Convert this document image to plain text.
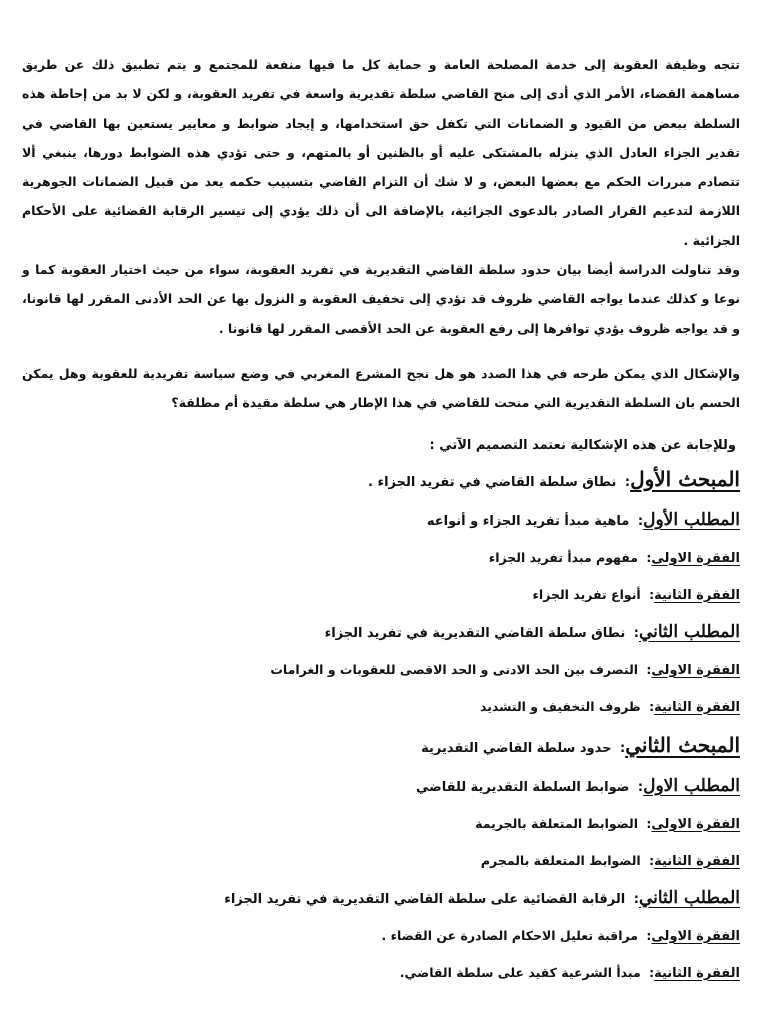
تتجه وظيفة العقوبة إلى خدمة المصلحة العامة و حماية كل ما فيها منفعة للمجتمع و يتم تطبيق ذلك عن طريق مساهمة القضاء، الأمر الذي أدى إلى منح القاضي سلطة تقديرية واسعة في تفريد العقوبة، و لكن لا بد من إحاطة هذه السلطة ببعض من القيود و الضمانات التي تكفل حق استخدامها، و إيجاد ضوابط و معايير يستعين بها القاضي في تقدير الجزاء العادل الذي ينزله بالمشتكى عليه أو بالظنين أو بالمتهم، و حتى تؤدي هذه الضوابط دورها، ينبغي ألا تتصادم مبررات الحكم مع بعضها البعض، و لا شك أن التزام القاضي بتسبيب حكمه يعد من قبيل الضمانات الجوهرية اللازمة لتدعيم القرار الصادر بالدعوى الجزائية، بالإضافة الى أن ذلك يؤدي إلى تيسير الرقابة القضائية على الأحكام الجزائية .

وقد تناولت الدراسة أيضا بيان حدود سلطة القاضي التقديرية في تفريد العقوبة، سواء من حيث اختيار العقوبة كما و نوعا و كذلك عندما يواجه القاضي ظروف قد تؤدي إلى تخفيف العقوبة و النزول بها عن الحد الأدنى المقرر لها قانونا، و قد يواجه ظروف يؤدي توافرها إلى رفع العقوبة عن الحد الأقصى المقرر لها قانونا .

والإشكال الذي يمكن طرحه في هذا الصدد هو هل نجح المشرع المغربي في وضع سياسة تفريدية للعقوبة وهل يمكن الحسم بان السلطة التقديرية التي منحت للقاضي في هذا الإطار هي سلطة مقيدة أم مطلقة؟

وللإجابة عن هذه الإشكالية نعتمد التصميم الآتي :

المبحث الأول: نطاق سلطة القاضي في تفريد الجزاء .
المطلب الأول: ماهية مبدأ تفريد الجزاء و أنواعه
الفقرة الاولى: مفهوم مبدأ تفريد الجزاء
الفقرة الثانية: أنواع تفريد الجزاء
المطلب الثاني: نطاق سلطة القاضي التقديرية في تفريد الجزاء
الفقرة الاولى: التصرف بين الحد الادنى و الحد الاقصى للعقوبات و الغرامات
الفقرة الثانية: ظروف التخفيف و التشديد
المبحث الثاني: حدود سلطة القاضي التقديرية
المطلب الاول: ضوابط السلطة التقديرية للقاضي
الفقرة الاولى: الضوابط المتعلقة بالجريمة
الفقرة الثانية: الضوابط المتعلقة بالمجرم
المطلب الثاني: الرقابة القضائية على سلطة القاضي التقديرية في تفريد الجزاء
الفقرة الاولى: مراقبة تعليل الاحكام الصادرة عن القضاء .
الفقرة الثانية: مبدأ الشرعية كقيد على سلطة القاضي.
